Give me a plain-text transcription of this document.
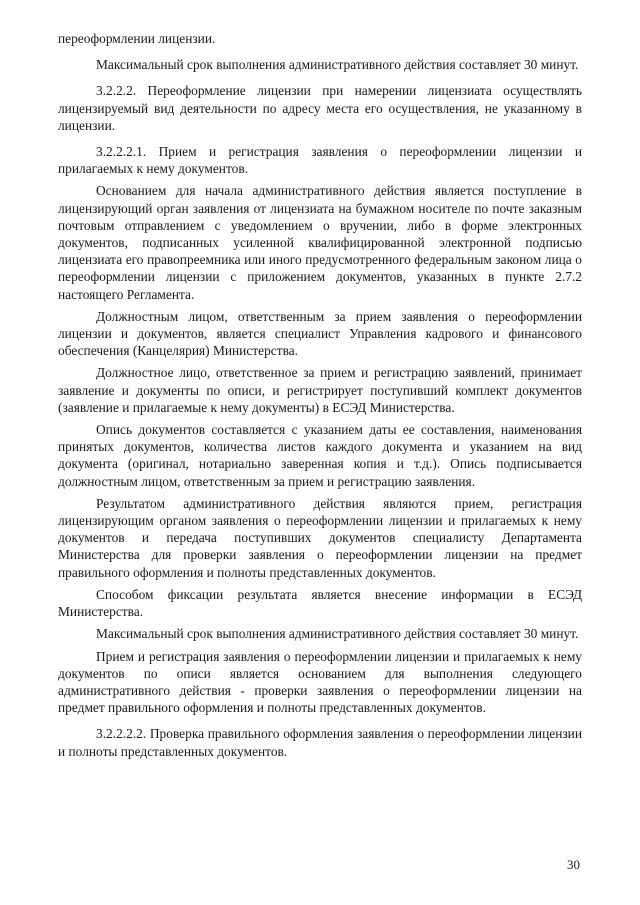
переоформлении лицензии.

Максимальный срок выполнения административного действия составляет 30 минут.

3.2.2.2. Переоформление лицензии при намерении лицензиата осуществлять лицензируемый вид деятельности по адресу места его осуществления, не указанному в лицензии.

3.2.2.2.1. Прием и регистрация заявления о переоформлении лицензии и прилагаемых к нему документов.

Основанием для начала административного действия является поступление в лицензирующий орган заявления от лицензиата на бумажном носителе по почте заказным почтовым отправлением с уведомлением о вручении, либо в форме электронных документов, подписанных усиленной квалифицированной электронной подписью лицензиата его правопреемника или иного предусмотренного федеральным законом лица о переоформлении лицензии с приложением документов, указанных в пункте 2.7.2 настоящего Регламента.

Должностным лицом, ответственным за прием заявления о переоформлении лицензии и документов, является специалист Управления кадрового и финансового обеспечения (Канцелярия) Министерства.

Должностное лицо, ответственное за прием и регистрацию заявлений, принимает заявление и документы по описи, и регистрирует поступивший комплект документов (заявление и прилагаемые к нему документы) в ЕСЭД Министерства.

Опись документов составляется с указанием даты ее составления, наименования принятых документов, количества листов каждого документа и указанием на вид документа (оригинал, нотариально заверенная копия и т.д.). Опись подписывается должностным лицом, ответственным за прием и регистрацию заявления.

Результатом административного действия являются прием, регистрация лицензирующим органом заявления о переоформлении лицензии и прилагаемых к нему документов и передача поступивших документов специалисту Департамента Министерства для проверки заявления о переоформлении лицензии на предмет правильного оформления и полноты представленных документов.

Способом фиксации результата является внесение информации в ЕСЭД Министерства.

Максимальный срок выполнения административного действия составляет 30 минут.

Прием и регистрация заявления о переоформлении лицензии и прилагаемых к нему документов по описи является основанием для выполнения следующего административного действия - проверки заявления о переоформлении лицензии на предмет правильного оформления и полноты представленных документов.

3.2.2.2.2. Проверка правильного оформления заявления о переоформлении лицензии и полноты представленных документов.

30
